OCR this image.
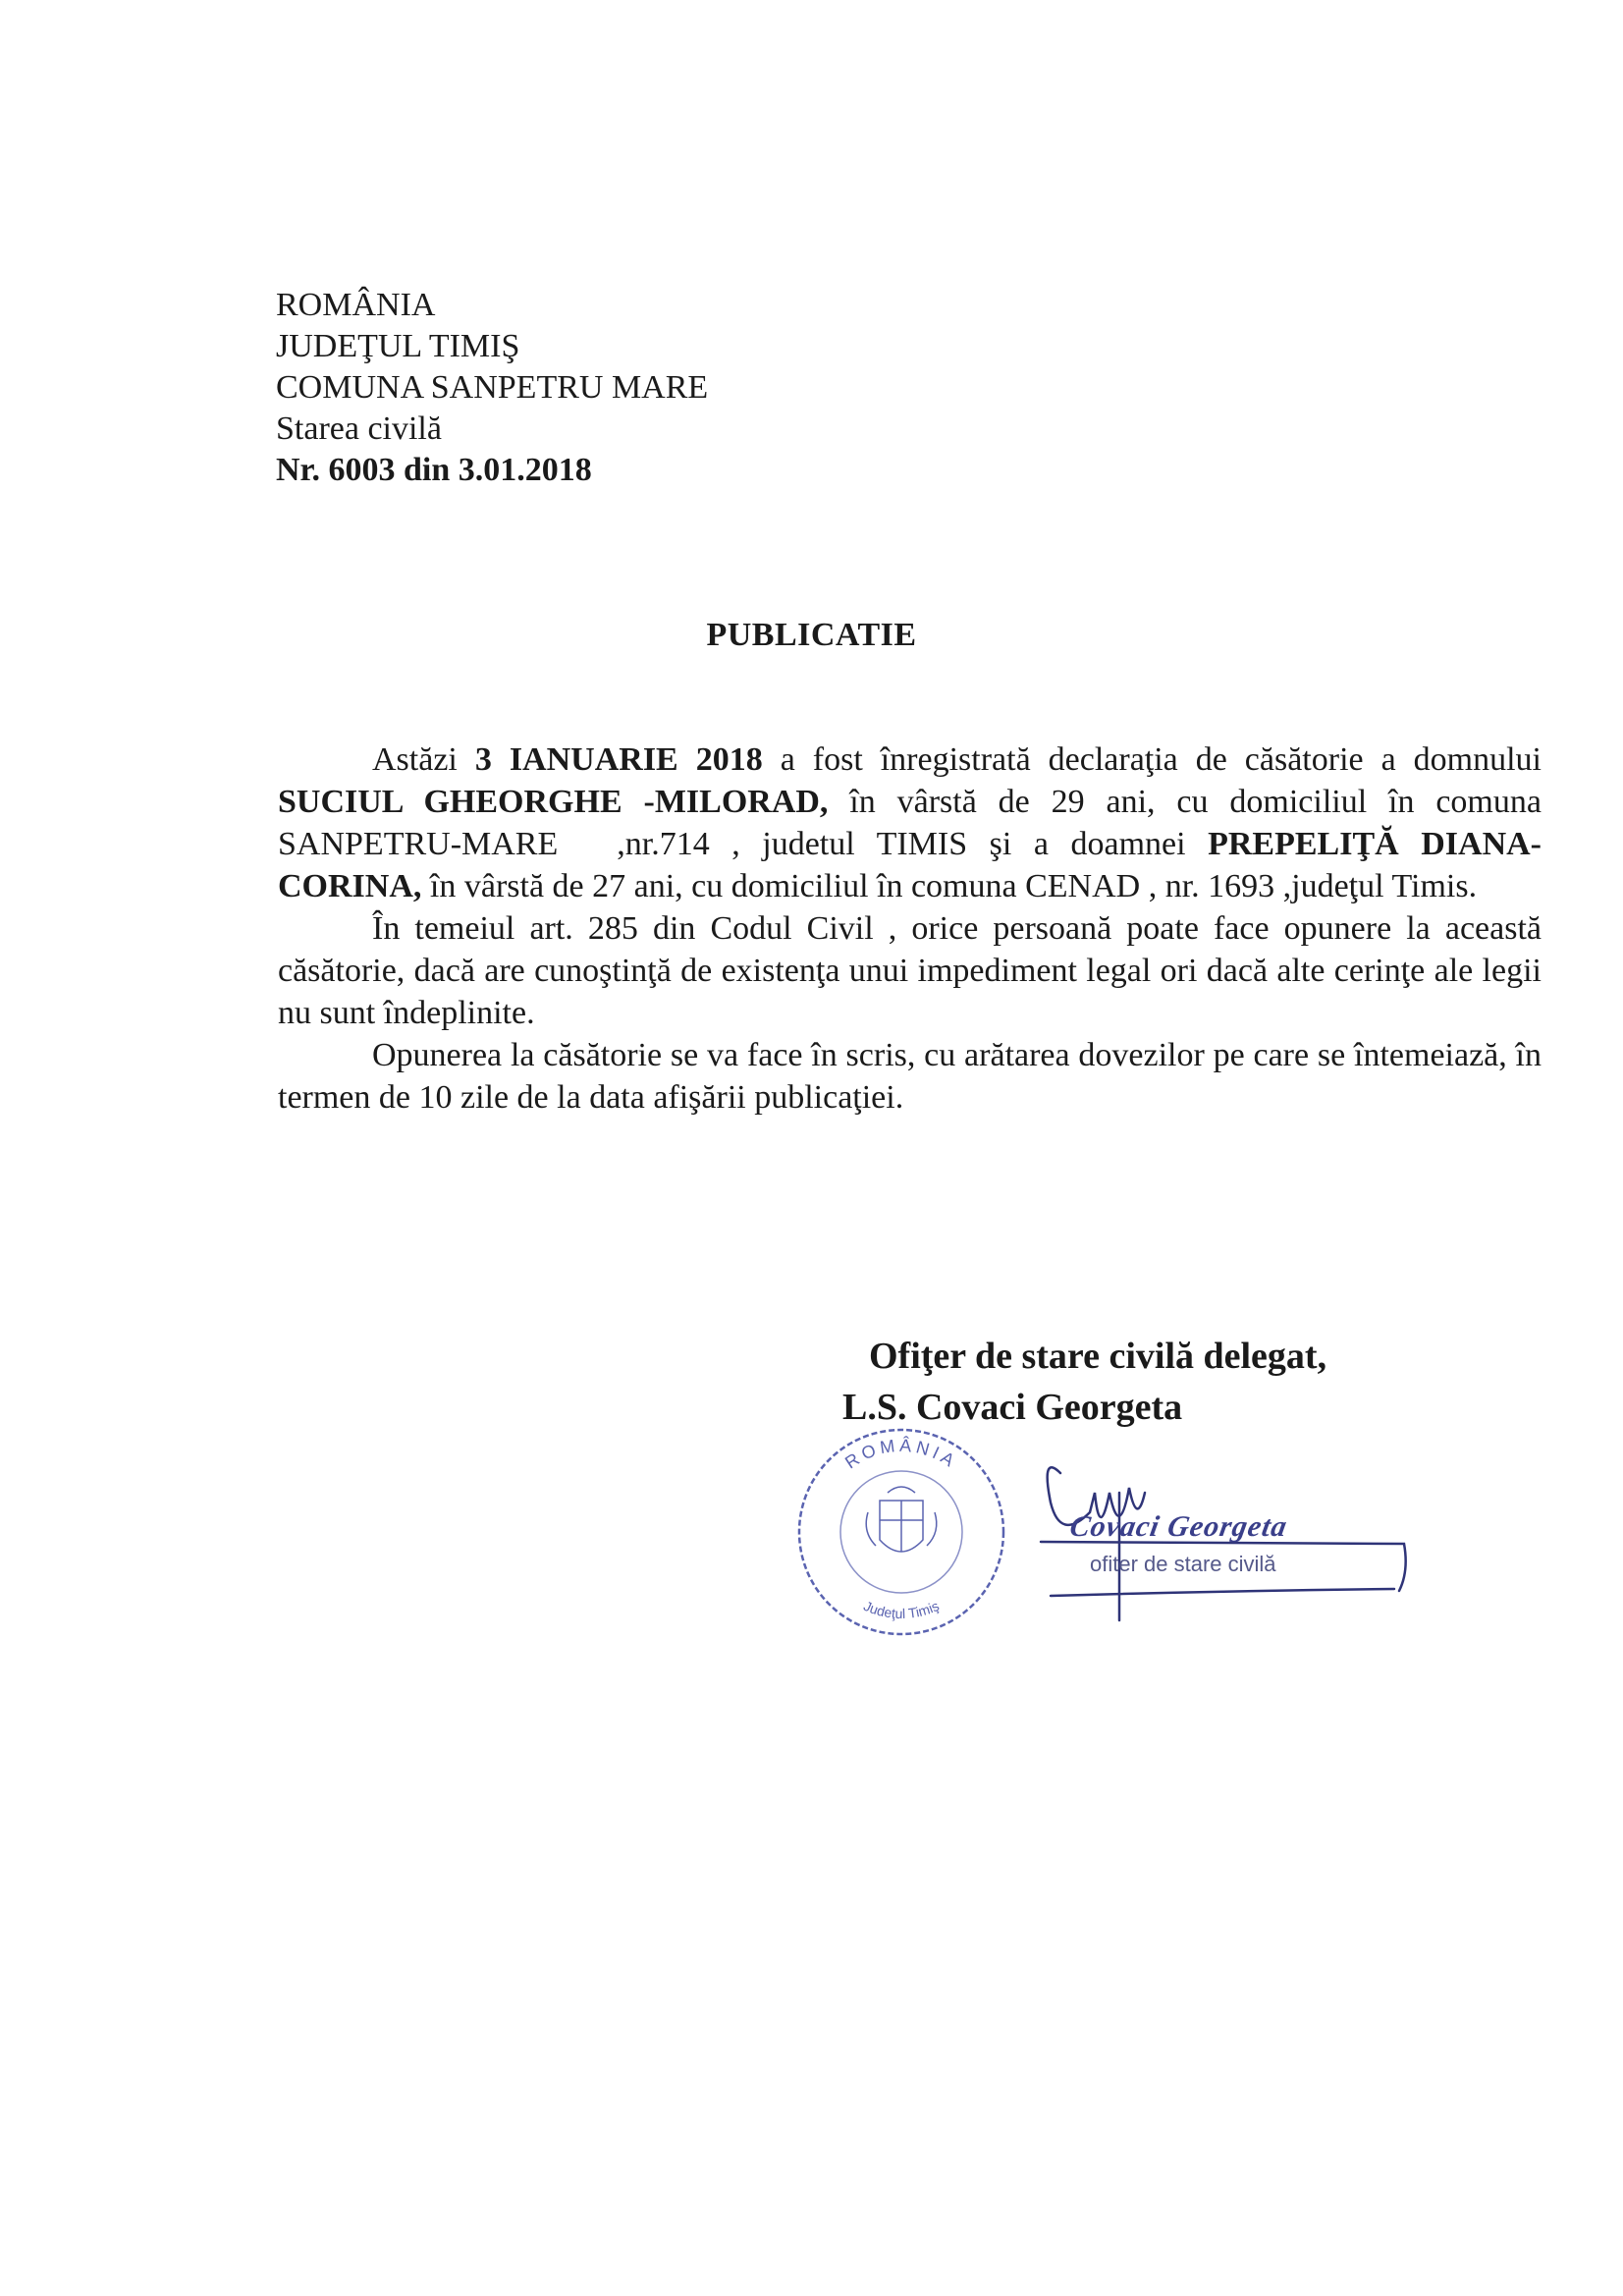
ROMÂNIA
JUDEŢUL TIMIŞ
COMUNA SANPETRU MARE
Starea civilă
Nr. 6003 din 3.01.2018
PUBLICATIE

Astăzi 3 IANUARIE 2018 a fost înregistrată declaraţia de căsătorie a domnului SUCIUL GHEORGHE -MILORAD, în vârstă de 29 ani, cu domiciliul în comuna SANPETRU-MARE ,nr.714 , judetul TIMIS şi a doamnei PREPELIŢĂ DIANA-CORINA, în vârstă de 27 ani, cu domiciliul în comuna CENAD , nr. 1693 ,judeţul Timis.

În temeiul art. 285 din Codul Civil , orice persoană poate face opunere la această căsătorie, dacă are cunoştinţă de existenţa unui impediment legal ori dacă alte cerinţe ale legii nu sunt îndeplinite.

Opunerea la căsătorie se va face în scris, cu arătarea dovezilor pe care se întemeiază, în termen de 10 zile de la data afişării publicaţiei.

Ofiţer de stare civilă delegat,
L.S. Covaci Georgeta
ROMÂNIA
Judeţul Timiş
Covaci Georgeta
ofiter de stare civilă
